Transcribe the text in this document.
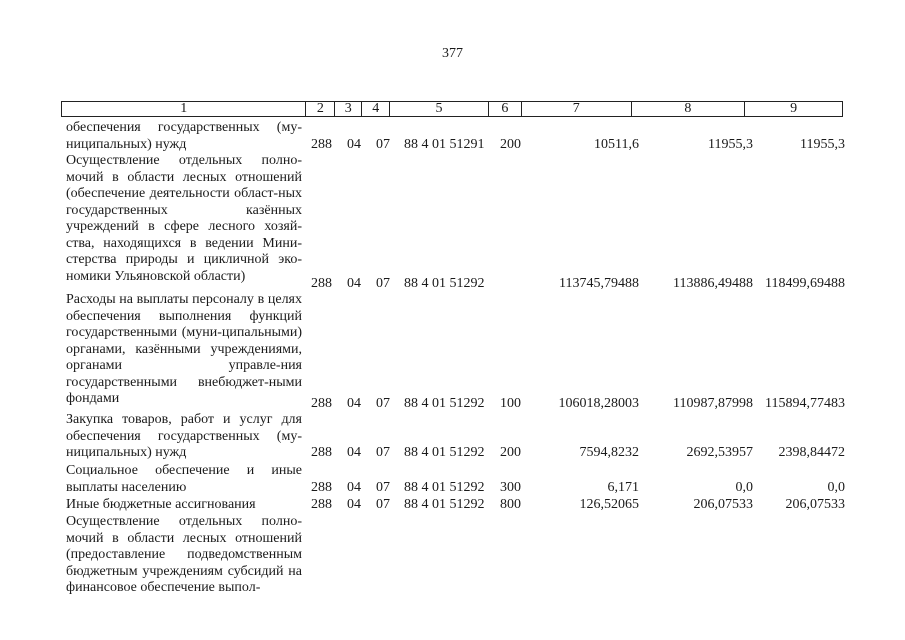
377
1	2	3	4	5	6	7	8	9
обеспечения государственных (му-ниципальных) нужд	288 04 07 88 4 01 51291 200	10511,6	11955,3	11955,3
Осуществление отдельных полно-мочий в области лесных отношений (обеспечение деятельности област-ных государственных казённых учреждений в сфере лесного хозяй-ства, находящихся в ведении Мини-стерства природы и цикличной эко-номики Ульяновской области)	288 04 07 88 4 01 51292	113745,79488 113886,49488 118499,69488
Расходы на выплаты персоналу в целях обеспечения выполнения функций государственными (муни-ципальными) органами, казёнными учреждениями, органами управле-ния государственными внебюджет-ными фондами	288 04 07 88 4 01 51292 100	106018,28003 110987,87998 115894,77483
Закупка товаров, работ и услуг для обеспечения государственных (му-ниципальных) нужд	288 04 07 88 4 01 51292 200	7594,8232	2692,53957 2398,84472
Социальное обеспечение и иные выплаты населению	288 04 07 88 4 01 51292 300	6,171	0,0	0,0
Иные бюджетные ассигнования	288 04 07 88 4 01 51292 800	126,52065	206,07533 206,07533
Осуществление отдельных полно-мочий в области лесных отношений (предоставление подведомственным бюджетным учреждениям субсидий на финансовое обеспечение выпол-
